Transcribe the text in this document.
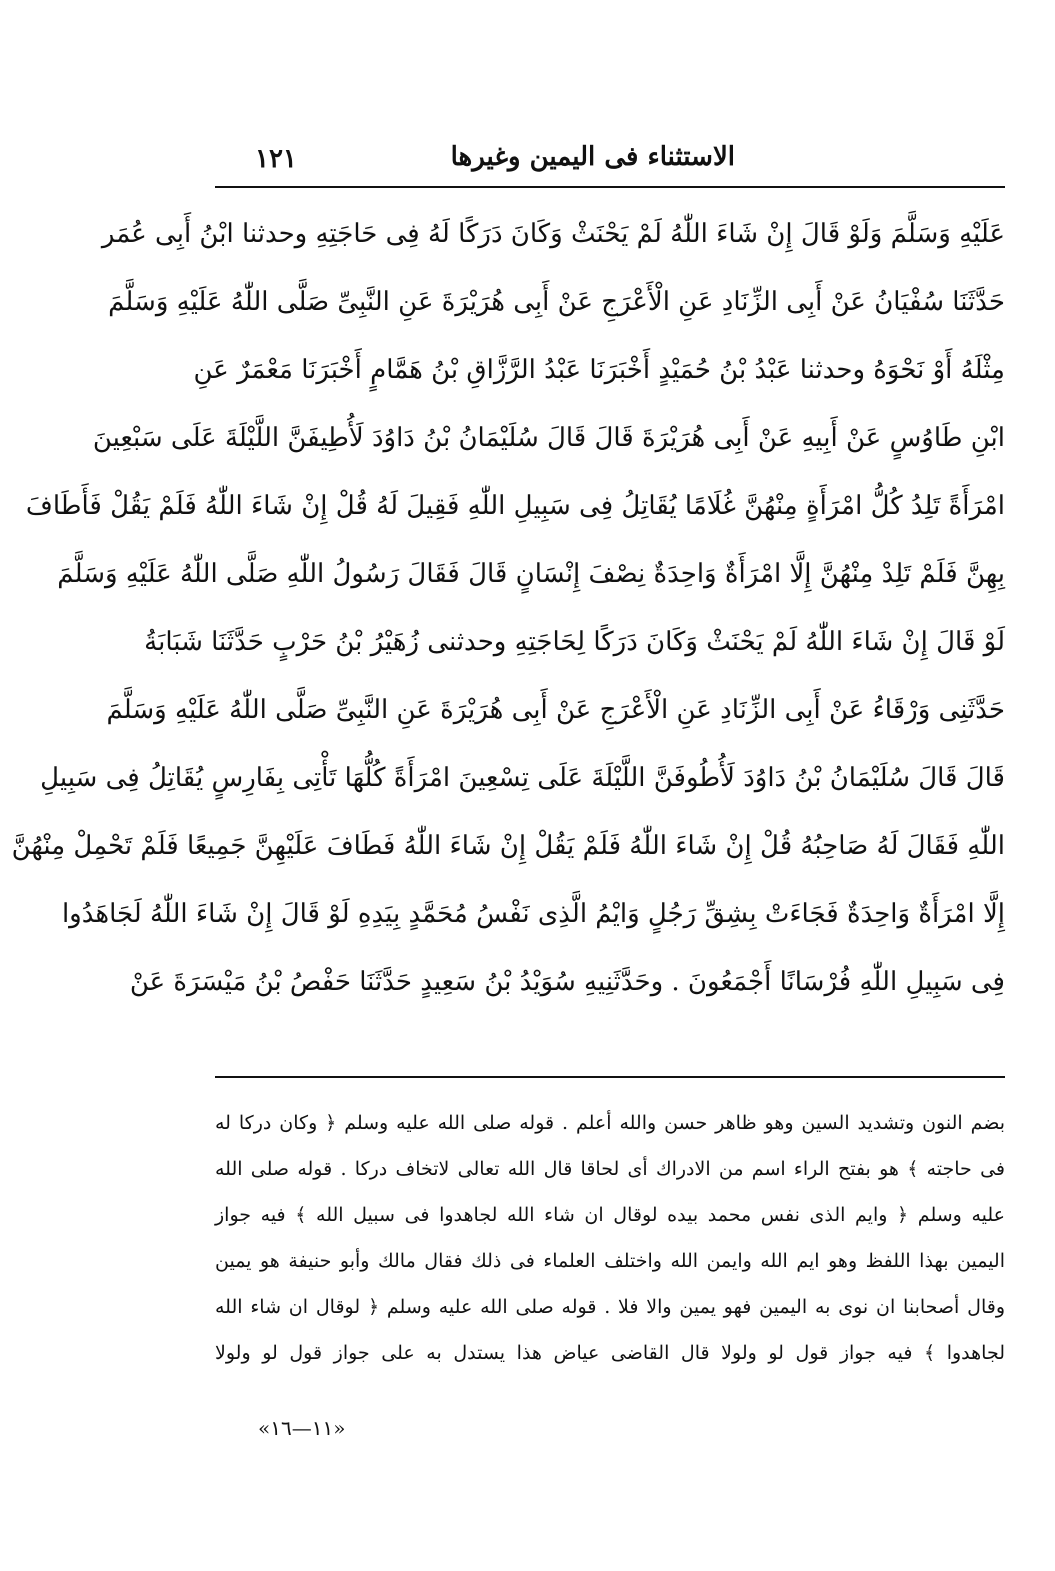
الاستثناء فى اليمين وغيرها
١٢١
عَلَيْهِ وَسَلَّمَ وَلَوْ قَالَ إِنْ شَاءَ اللّٰهُ لَمْ يَحْنَثْ وَكَانَ دَرَكًا لَهُ فِى حَاجَتِهِ وحدثنا ابْنُ أَبِى عُمَر
حَدَّثَنَا سُفْيَانُ عَنْ أَبِى الزِّنَادِ عَنِ الْأَعْرَجِ عَنْ أَبِى هُرَيْرَةَ عَنِ النَّبِىِّ صَلَّى اللّٰهُ عَلَيْهِ وَسَلَّمَ
مِثْلَهُ أَوْ نَحْوَهُ وحدثنا عَبْدُ بْنُ حُمَيْدٍ أَخْبَرَنَا عَبْدُ الرَّزَّاقِ بْنُ هَمَّامٍ أَخْبَرَنَا مَعْمَرٌ عَنِ
ابْنِ طَاوُسٍ عَنْ أَبِيهِ عَنْ أَبِى هُرَيْرَةَ قَالَ قَالَ سُلَيْمَانُ بْنُ دَاوُدَ لَأُطِيفَنَّ اللَّيْلَةَ عَلَى سَبْعِينَ
امْرَأَةً تَلِدُ كُلُّ امْرَأَةٍ مِنْهُنَّ غُلَامًا يُقَاتِلُ فِى سَبِيلِ اللّٰهِ فَقِيلَ لَهُ قُلْ إِنْ شَاءَ اللّٰهُ فَلَمْ يَقُلْ فَأَطَافَ
بِهِنَّ فَلَمْ تَلِدْ مِنْهُنَّ إِلَّا امْرَأَةٌ وَاحِدَةٌ نِصْفَ إِنْسَانٍ قَالَ فَقَالَ رَسُولُ اللّٰهِ صَلَّى اللّٰهُ عَلَيْهِ وَسَلَّمَ
لَوْ قَالَ إِنْ شَاءَ اللّٰهُ لَمْ يَحْنَثْ وَكَانَ دَرَكًا لِحَاجَتِهِ وحدثنى زُهَيْرُ بْنُ حَرْبٍ حَدَّثَنَا شَبَابَةُ
حَدَّثَنِى وَرْقَاءُ عَنْ أَبِى الزِّنَادِ عَنِ الْأَعْرَجِ عَنْ أَبِى هُرَيْرَةَ عَنِ النَّبِىِّ صَلَّى اللّٰهُ عَلَيْهِ وَسَلَّمَ
قَالَ قَالَ سُلَيْمَانُ بْنُ دَاوُدَ لَأُطُوفَنَّ اللَّيْلَةَ عَلَى تِسْعِينَ امْرَأَةً كُلُّهَا تَأْتِى بِفَارِسٍ يُقَاتِلُ فِى سَبِيلِ
اللّٰهِ فَقَالَ لَهُ صَاحِبُهُ قُلْ إِنْ شَاءَ اللّٰهُ فَلَمْ يَقُلْ إِنْ شَاءَ اللّٰهُ فَطَافَ عَلَيْهِنَّ جَمِيعًا فَلَمْ تَحْمِلْ مِنْهُنَّ
إِلَّا امْرَأَةٌ وَاحِدَةٌ فَجَاءَتْ بِشِقِّ رَجُلٍ وَايْمُ الَّذِى نَفْسُ مُحَمَّدٍ بِيَدِهِ لَوْ قَالَ إِنْ شَاءَ اللّٰهُ لَجَاهَدُوا
فِى سَبِيلِ اللّٰهِ فُرْسَانًا أَجْمَعُونَ . وحَدَّثَنِيهِ سُوَيْدُ بْنُ سَعِيدٍ حَدَّثَنَا حَفْصُ بْنُ مَيْسَرَةَ عَنْ
بضم النون وتشديد السين وهو ظاهر حسن والله أعلم . قوله صلى الله عليه وسلم ﴿ وكان دركا له
فى حاجته ﴾ هو بفتح الراء اسم من الادراك أى لحاقا قال الله تعالى لاتخاف دركا . قوله صلى الله
عليه وسلم ﴿ وايم الذى نفس محمد بيده لوقال ان شاء الله لجاهدوا فى سبيل الله ﴾ فيه جواز
اليمين بهذا اللفظ وهو ايم الله وايمن الله واختلف العلماء فى ذلك فقال مالك وأبو حنيفة هو يمين
وقال أصحابنا ان نوى به اليمين فهو يمين والا فلا . قوله صلى الله عليه وسلم ﴿ لوقال ان شاء الله
لجاهدوا ﴾ فيه جواز قول لو ولولا قال القاضى عياض هذا يستدل به على جواز قول لو ولولا
«١١—١٦»
